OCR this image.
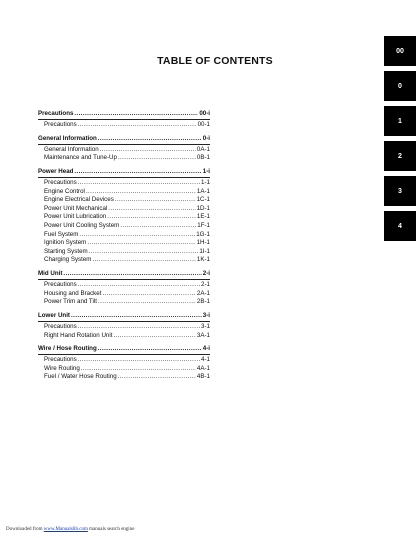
TABLE OF CONTENTS
Precautions .....	00-i
Precautions .....	00-1
General Information .....	0-i
General Information .....	0A-1
Maintenance and Tune-Up .....	0B-1
Power Head .....	1-i
Precautions .....	1-1
Engine Control .....	1A-1
Engine Electrical Devices .....	1C-1
Power Unit Mechanical .....	1D-1
Power Unit Lubrication .....	1E-1
Power Unit Cooling System .....	1F-1
Fuel System .....	1G-1
Ignition System .....	1H-1
Starting System .....	1I-1
Charging System .....	1K-1
Mid Unit .....	2-i
Precautions .....	2-1
Housing and Bracket .....	2A-1
Power Trim and Tilt .....	2B-1
Lower Unit .....	3-i
Precautions .....	3-1
Right Hand Rotation Unit .....	3A-1
Wire / Hose Routing .....	4-i
Precautions .....	4-1
Wire Routing .....	4A-1
Fuel / Water Hose Routing .....	4B-1
00
0
1
2
3
4
Downloaded from www.Manualslib.com manuals search engine
